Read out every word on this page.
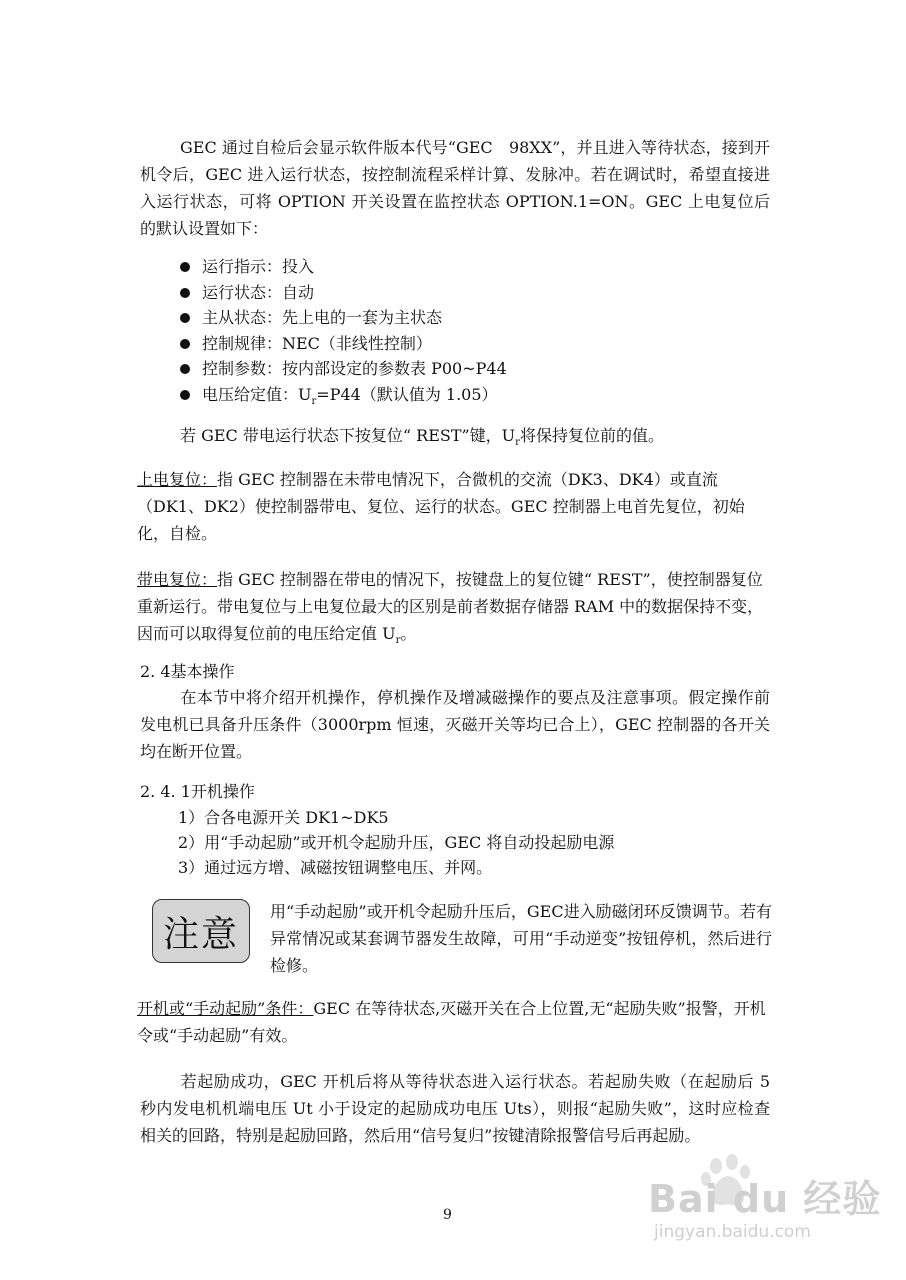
GEC 通过自检后会显示软件版本代号“GEC　98XX”，并且进入等待状态，接到开机令后，GEC 进入运行状态，按控制流程采样计算、发脉冲。若在调试时，希望直接进入运行状态，可将 OPTION 开关设置在监控状态 OPTION.1=ON。GEC 上电复位后的默认设置如下：
运行指示：投入
运行状态：自动
主从状态：先上电的一套为主状态
控制规律：NEC（非线性控制）
控制参数：按内部设定的参数表 P00~P44
电压给定值：$U_r=P44$（默认值为 1.05）
若 GEC 带电运行状态下按复位“ REST”键，$U_r$将保持复位前的值。
上电复位：指 GEC 控制器在未带电情况下，合微机的交流（DK3、DK4）或直流（DK1、DK2）使控制器带电、复位、运行的状态。GEC 控制器上电首先复位，初始化，自检。
带电复位：指 GEC 控制器在带电的情况下，按键盘上的复位键“ REST”，使控制器复位重新运行。带电复位与上电复位最大的区别是前者数据存储器 RAM 中的数据保持不变，因而可以取得复位前的电压给定值 $U_r$。
2. 4基本操作
在本节中将介绍开机操作，停机操作及增减磁操作的要点及注意事项。假定操作前发电机已具备升压条件（3000rpm 恒速，灭磁开关等均已合上），GEC 控制器的各开关均在断开位置。
2. 4. 1开机操作
1）合各电源开关 DK1~DK5
2）用“手动起励”或开机令起励升压，GEC 将自动投起励电源
3）通过远方增、减磁按钮调整电压、并网。
注意
用“手动起励”或开机令起励升压后，GEC进入励磁闭环反馈调节。若有异常情况或某套调节器发生故障，可用“手动逆变”按钮停机，然后进行检修。
开机或“手动起励”条件：GEC 在等待状态,灭磁开关在合上位置,无“起励失败”报警，开机令或“手动起励”有效。
若起励成功，GEC 开机后将从等待状态进入运行状态。若起励失败（在起励后 5 秒内发电机机端电压 Ut 小于设定的起励成功电压 Uts），则报“起励失败”，这时应检查相关的回路，特别是起励回路，然后用“信号复归”按键清除报警信号后再起励。
9	Bai du 经验
jingyan.baidu.com
